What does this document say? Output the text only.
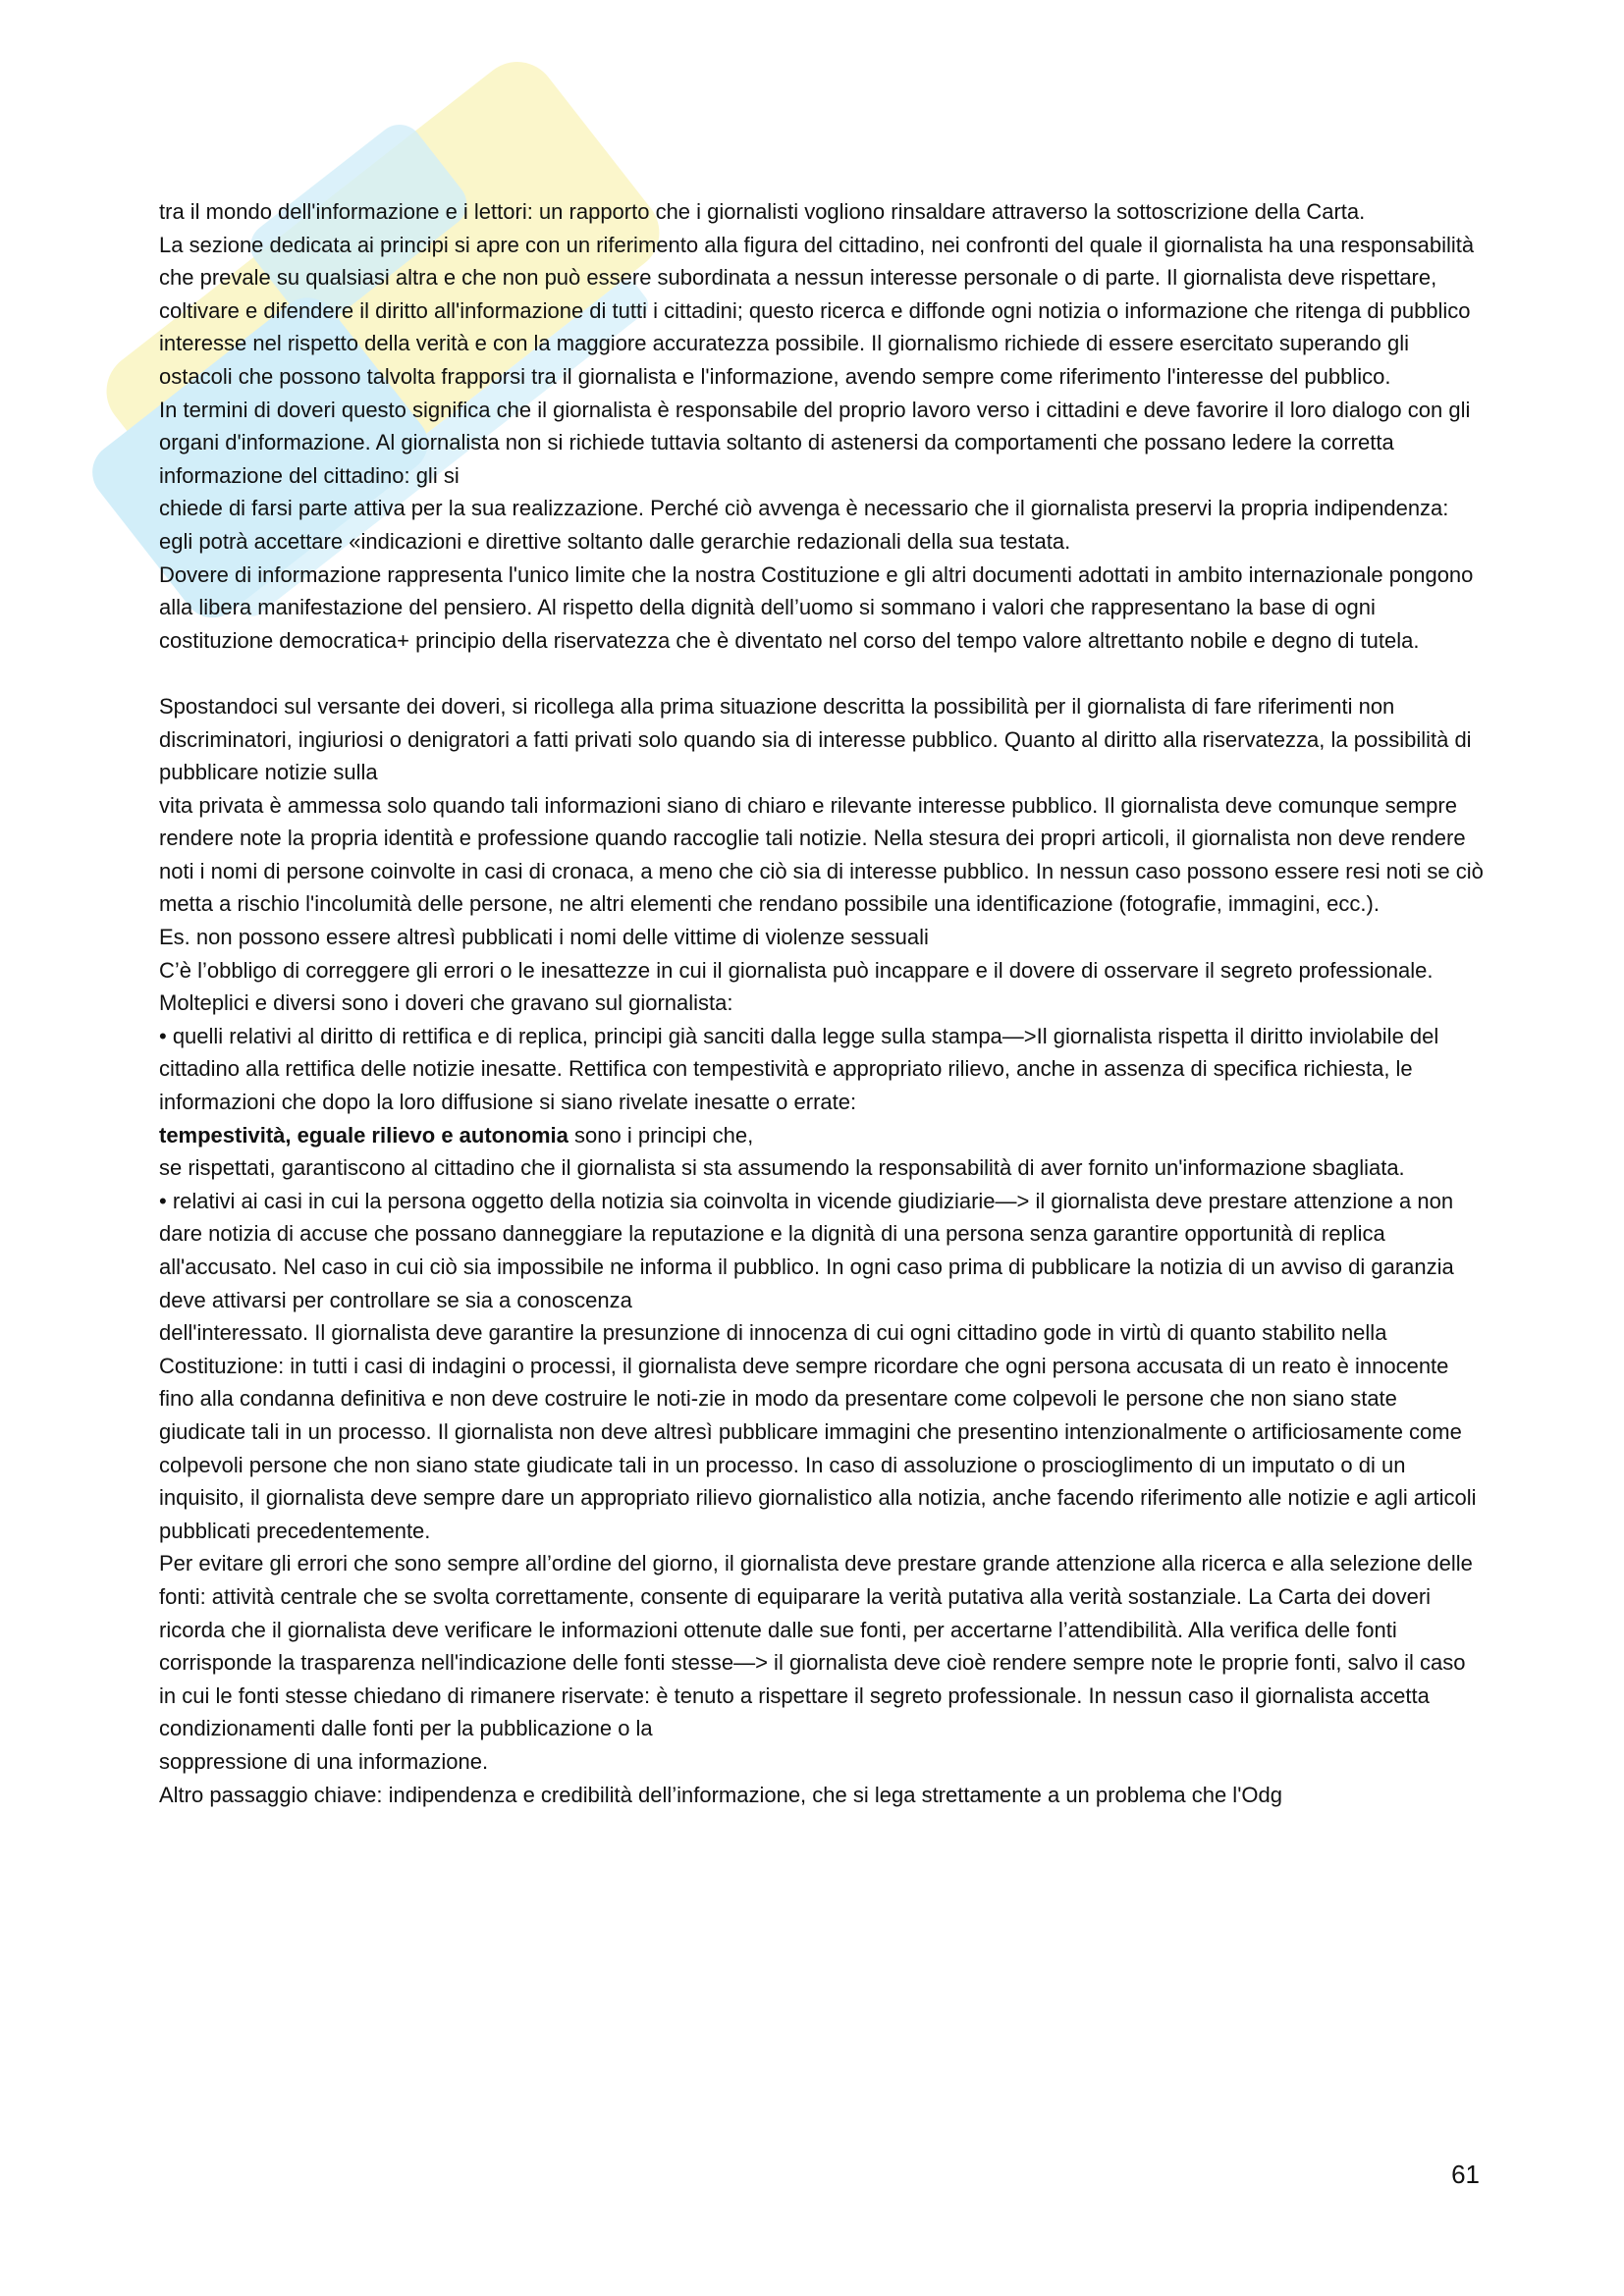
tra il mondo dell'informazione e i lettori: un rapporto che i giornalisti vogliono rinsaldare attraverso la sottoscrizione della Carta.

La sezione dedicata ai principi si apre con un riferimento alla figura del cittadino, nei confronti del quale il giornalista ha una responsabilità che prevale su qualsiasi altra e che non può essere subordinata a nessun interesse personale o di parte. Il giornalista deve rispettare, coltivare e difendere il diritto all'informazione di tutti i cittadini; questo ricerca e diffonde ogni notizia o informazione che ritenga di pubblico interesse nel rispetto della verità e con la maggiore accuratezza possibile. Il giornalismo richiede di essere esercitato superando gli ostacoli che possono talvolta frapporsi tra il giornalista e l'informazione, avendo sempre come riferimento l'interesse del pubblico.

In termini di doveri questo significa che il giornalista è responsabile del proprio lavoro verso i cittadini e deve favorire il loro dialogo con gli organi d'informazione. Al giornalista non si richiede tuttavia soltanto di astenersi da comportamenti che possano ledere la corretta informazione del cittadino: gli si

chiede di farsi parte attiva per la sua realizzazione. Perché ciò avvenga è necessario che il giornalista preservi la propria indipendenza: egli potrà accettare «indicazioni e direttive soltanto dalle gerarchie redazionali della sua testata.

Dovere di informazione rappresenta l'unico limite che la nostra Costituzione e gli altri documenti adottati in ambito internazionale pongono alla libera manifestazione del pensiero. Al rispetto della dignità dell’uomo si sommano i valori che rappresentano la base di ogni costituzione democratica+ principio della riservatezza che è diventato nel corso del tempo valore altrettanto nobile e degno di tutela.

Spostandoci sul versante dei doveri, si ricollega alla prima situazione descritta la possibilità per il giornalista di fare riferimenti non discriminatori, ingiuriosi o denigratori a fatti privati solo quando sia di interesse pubblico. Quanto al diritto alla riservatezza, la possibilità di pubblicare notizie sulla

vita privata è ammessa solo quando tali informazioni siano di chiaro e rilevante interesse pubblico. Il giornalista deve comunque sempre rendere note la propria identità e professione quando raccoglie tali notizie. Nella stesura dei propri articoli, il giornalista non deve rendere noti i nomi di persone coinvolte in casi di cronaca, a meno che ciò sia di interesse pubblico. In nessun caso possono essere resi noti se ciò metta a rischio l'incolumità delle persone, ne altri elementi che rendano possibile una identificazione (fotografie, immagini, ecc.).

Es. non possono essere altresì pubblicati i nomi delle vittime di violenze sessuali

C’è l’obbligo di correggere gli errori o le inesattezze in cui il giornalista può incappare e il dovere di osservare il segreto professionale.

Molteplici e diversi sono i doveri che gravano sul giornalista:

• quelli relativi al diritto di rettifica e di replica, principi già sanciti dalla legge sulla stampa—>Il giornalista rispetta il diritto inviolabile del cittadino alla rettifica delle notizie inesatte. Rettifica con tempestività e appropriato rilievo, anche in assenza di specifica richiesta, le informazioni che dopo la loro diffusione si siano rivelate inesatte o errate:

tempestività, eguale rilievo e autonomia sono i principi che,

se rispettati, garantiscono al cittadino che il giornalista si sta assumendo la responsabilità di aver fornito un'informazione sbagliata.

• relativi ai casi in cui la persona oggetto della notizia sia coinvolta in vicende giudiziarie—> il giornalista deve prestare attenzione a non dare notizia di accuse che possano danneggiare la reputazione e la dignità di una persona senza garantire opportunità di replica all'accusato. Nel caso in cui ciò sia impossibile ne informa il pubblico. In ogni caso prima di pubblicare la notizia di un avviso di garanzia deve attivarsi per controllare se sia a conoscenza

dell'interessato. Il giornalista deve garantire la presunzione di innocenza di cui ogni cittadino gode in virtù di quanto stabilito nella Costituzione: in tutti i casi di indagini o processi, il giornalista deve sempre ricordare che ogni persona accusata di un reato è innocente fino alla condanna definitiva e non deve costruire le noti-zie in modo da presentare come colpevoli le persone che non siano state giudicate tali in un processo. Il giornalista non deve altresì pubblicare immagini che presentino intenzionalmente o artificiosamente come colpevoli persone che non siano state giudicate tali in un processo. In caso di assoluzione o proscioglimento di un imputato o di un inquisito, il giornalista deve sempre dare un appropriato rilievo giornalistico alla notizia, anche facendo riferimento alle notizie e agli articoli pubblicati precedentemente.

Per evitare gli errori che sono sempre all’ordine del giorno, il giornalista deve prestare grande attenzione alla ricerca e alla selezione delle fonti: attività centrale che se svolta correttamente, consente di equiparare la verità putativa alla verità sostanziale. La Carta dei doveri ricorda che il giornalista deve verificare le informazioni ottenute dalle sue fonti, per accertarne l’attendibilità. Alla verifica delle fonti corrisponde la trasparenza nell'indicazione delle fonti stesse—> il giornalista deve cioè rendere sempre note le proprie fonti, salvo il caso in cui le fonti stesse chiedano di rimanere riservate: è tenuto a rispettare il segreto professionale. In nessun caso il giornalista accetta condizionamenti dalle fonti per la pubblicazione o la

soppressione di una informazione.

Altro passaggio chiave: indipendenza e credibilità dell’informazione, che si lega strettamente a un problema che l'Odg

61
